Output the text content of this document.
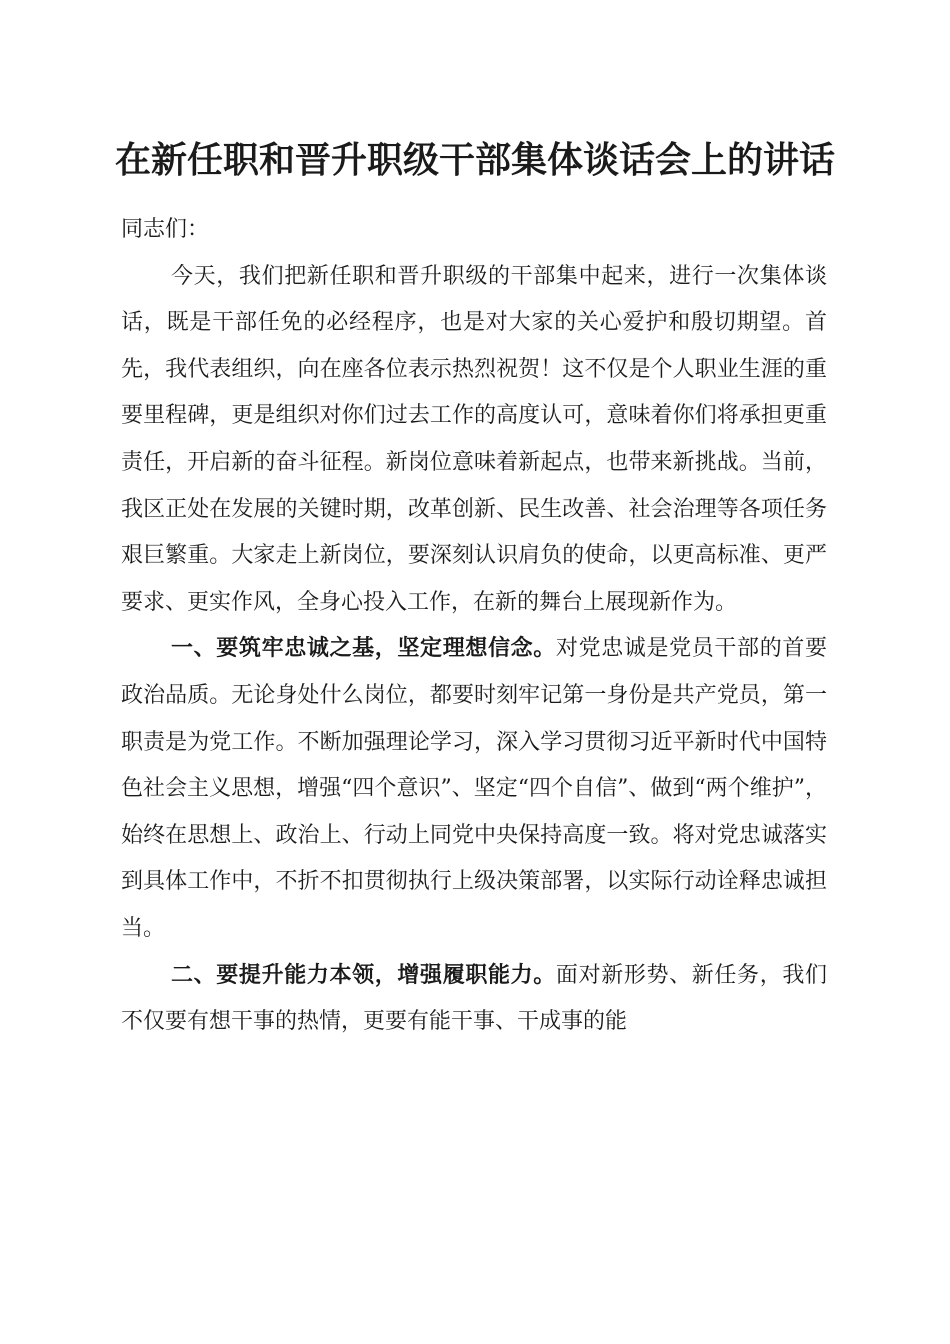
在新任职和晋升职级干部集体谈话会上的讲话

同志们：

今天，我们把新任职和晋升职级的干部集中起来，进行一次集体谈话，既是干部任免的必经程序，也是对大家的关心爱护和殷切期望。首先，我代表组织，向在座各位表示热烈祝贺！这不仅是个人职业生涯的重要里程碑，更是组织对你们过去工作的高度认可，意味着你们将承担更重责任，开启新的奋斗征程。新岗位意味着新起点，也带来新挑战。当前，我区正处在发展的关键时期，改革创新、民生改善、社会治理等各项任务艰巨繁重。大家走上新岗位，要深刻认识肩负的使命，以更高标准、更严要求、更实作风，全身心投入工作，在新的舞台上展现新作为。

一、要筑牢忠诚之基，坚定理想信念。对党忠诚是党员干部的首要政治品质。无论身处什么岗位，都要时刻牢记第一身份是共产党员，第一职责是为党工作。不断加强理论学习，深入学习贯彻习近平新时代中国特色社会主义思想，增强“四个意识”、坚定“四个自信”、做到“两个维护”，始终在思想上、政治上、行动上同党中央保持高度一致。将对党忠诚落实到具体工作中，不折不扣贯彻执行上级决策部署，以实际行动诠释忠诚担当。

二、要提升能力本领，增强履职能力。面对新形势、新任务，我们不仅要有想干事的热情，更要有能干事、干成事的能
